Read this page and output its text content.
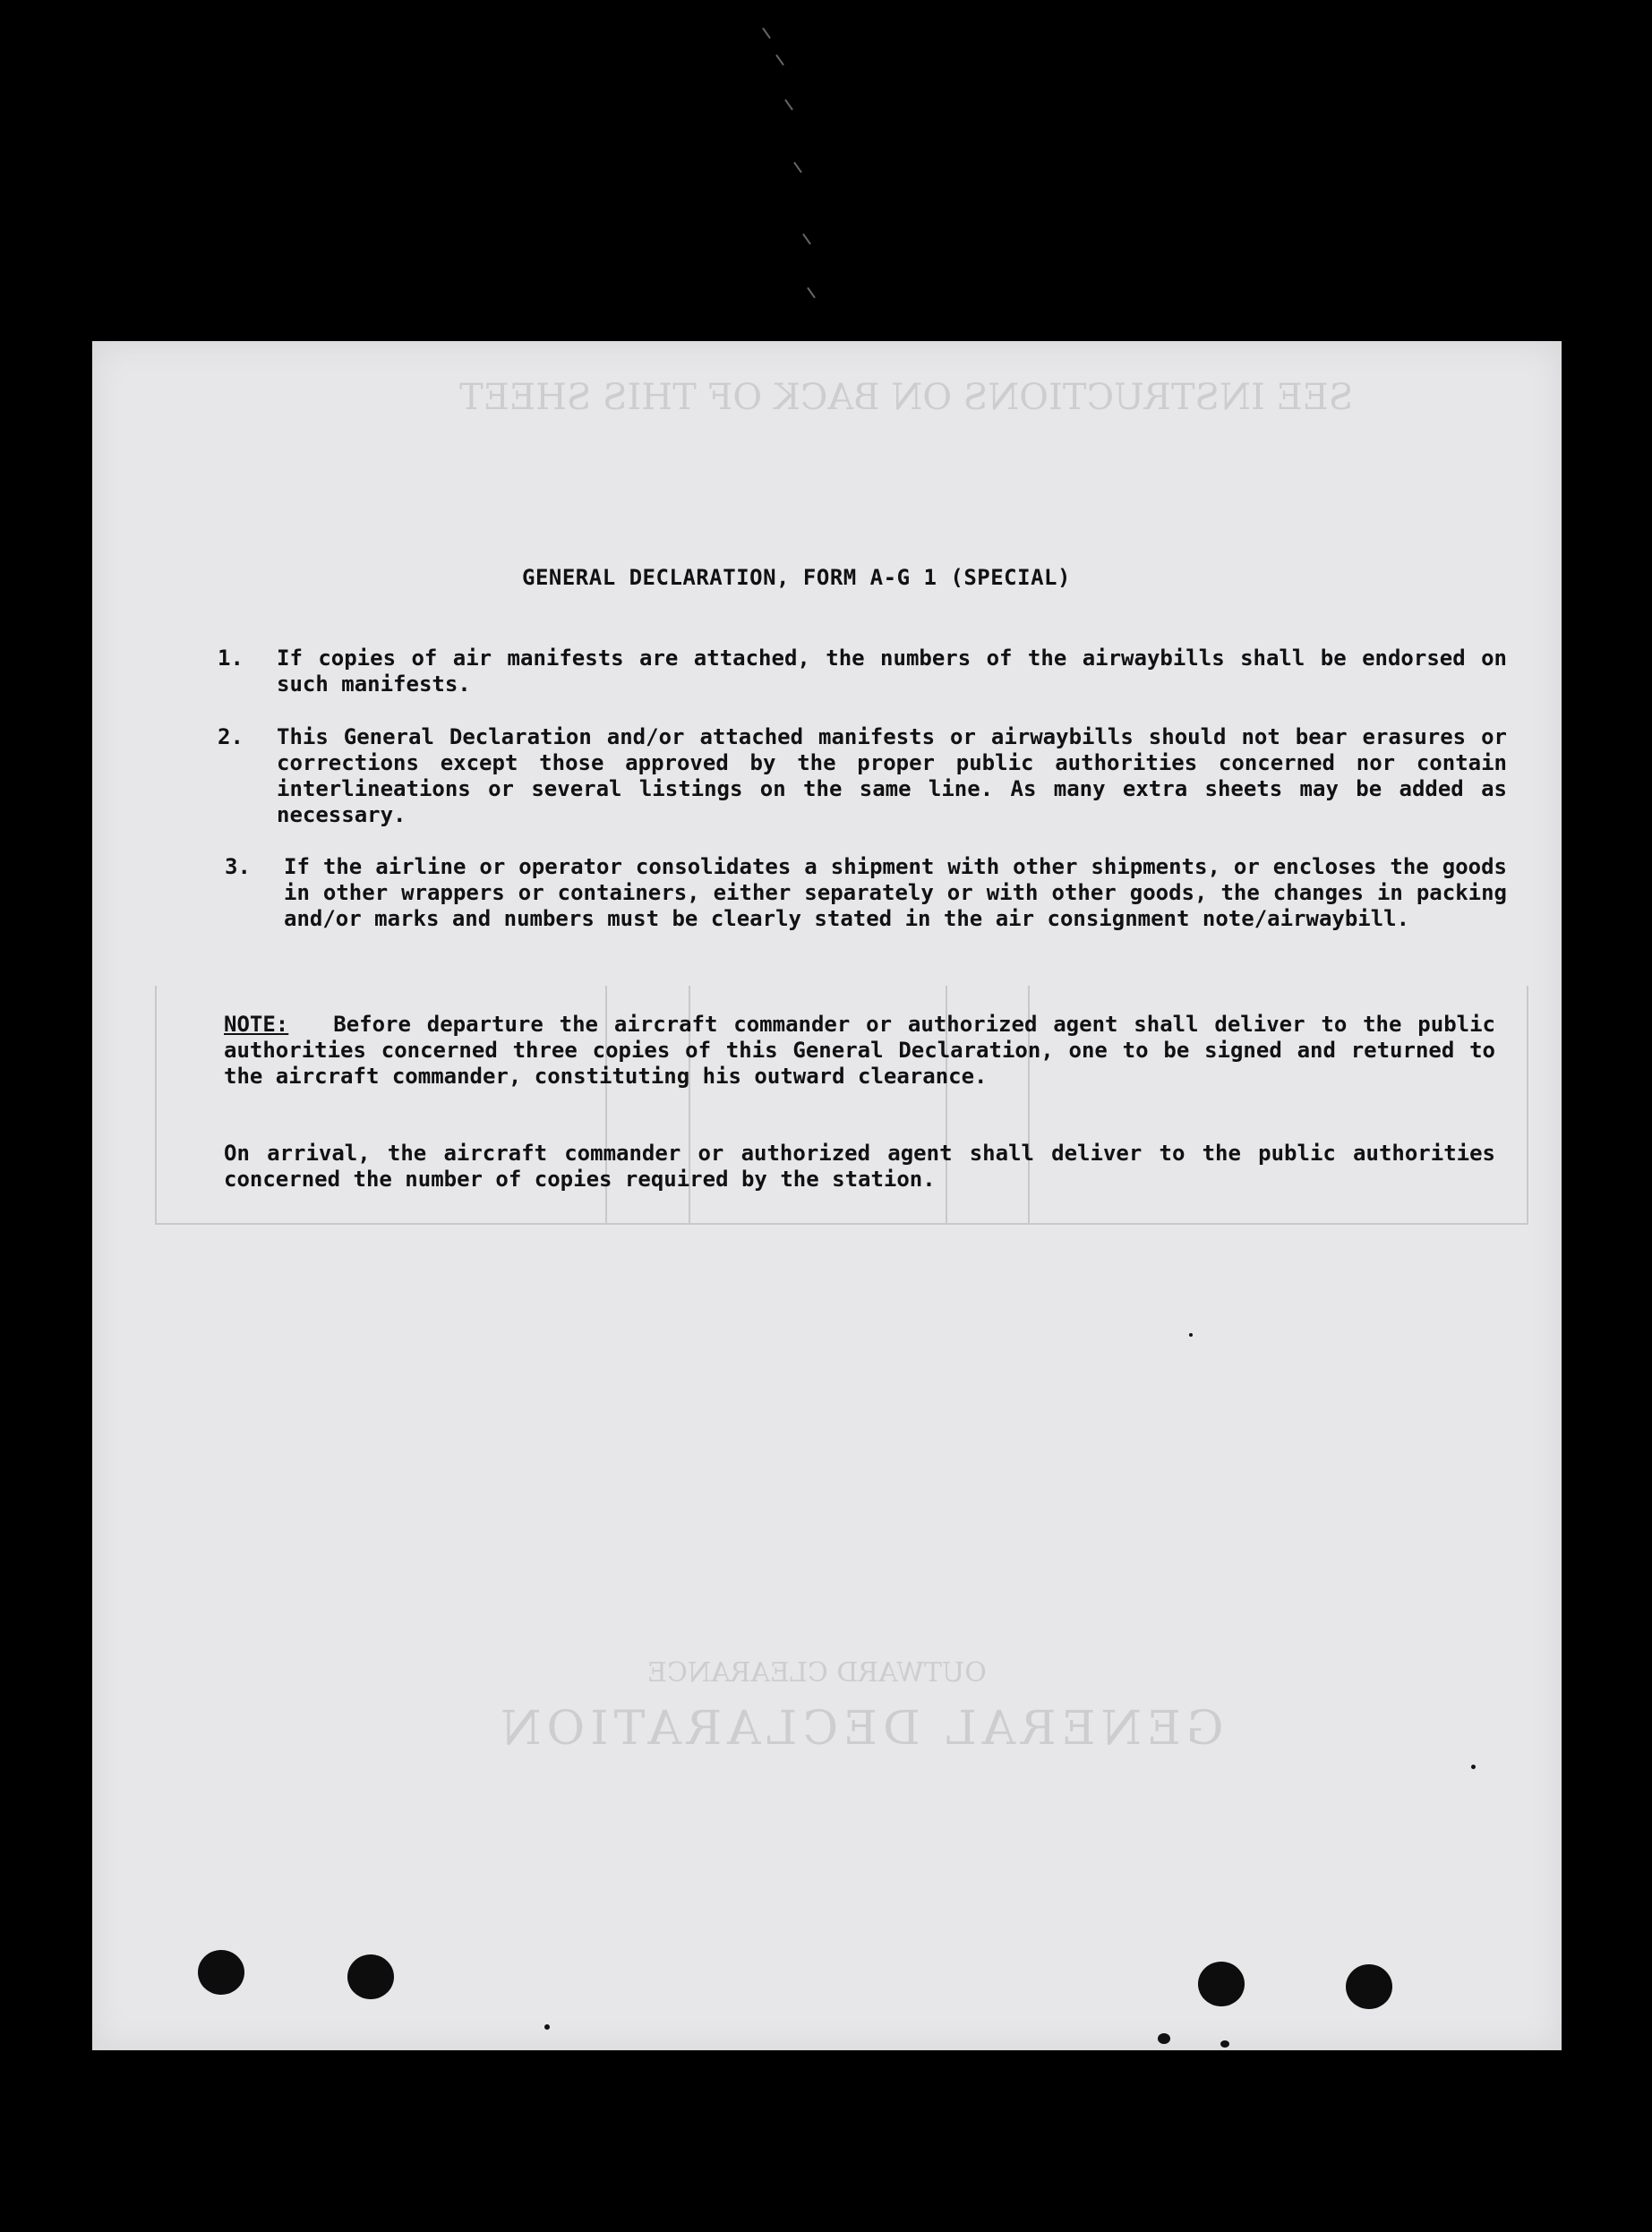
SEE INSTRUCTIONS ON BACK OF THIS SHEET
GENERAL DECLARATION
OUTWARD CLEARANCE
GENERAL DECLARATION, FORM A-G 1 (SPECIAL)
1.	If copies of air manifests are attached, the numbers of the airwaybills shall be endorsed on such manifests.
2.	This General Declaration and/or attached manifests or airwaybills should not bear erasures or corrections except those approved by the proper public authorities concerned nor contain interlineations or several listings on the same line. As many extra sheets may be added as necessary.
3.	If the airline or operator consolidates a shipment with other shipments, or encloses the goods in other wrappers or containers, either separately or with other goods, the changes in packing and/or marks and numbers must be clearly stated in the air consignment note/airwaybill.
NOTE: Before departure the aircraft commander or authorized agent shall deliver to the public authorities concerned three copies of this General Declaration, one to be signed and returned to the aircraft commander, constituting his outward clearance.
On arrival, the aircraft commander or authorized agent shall deliver to the public authorities concerned the number of copies required by the station.
